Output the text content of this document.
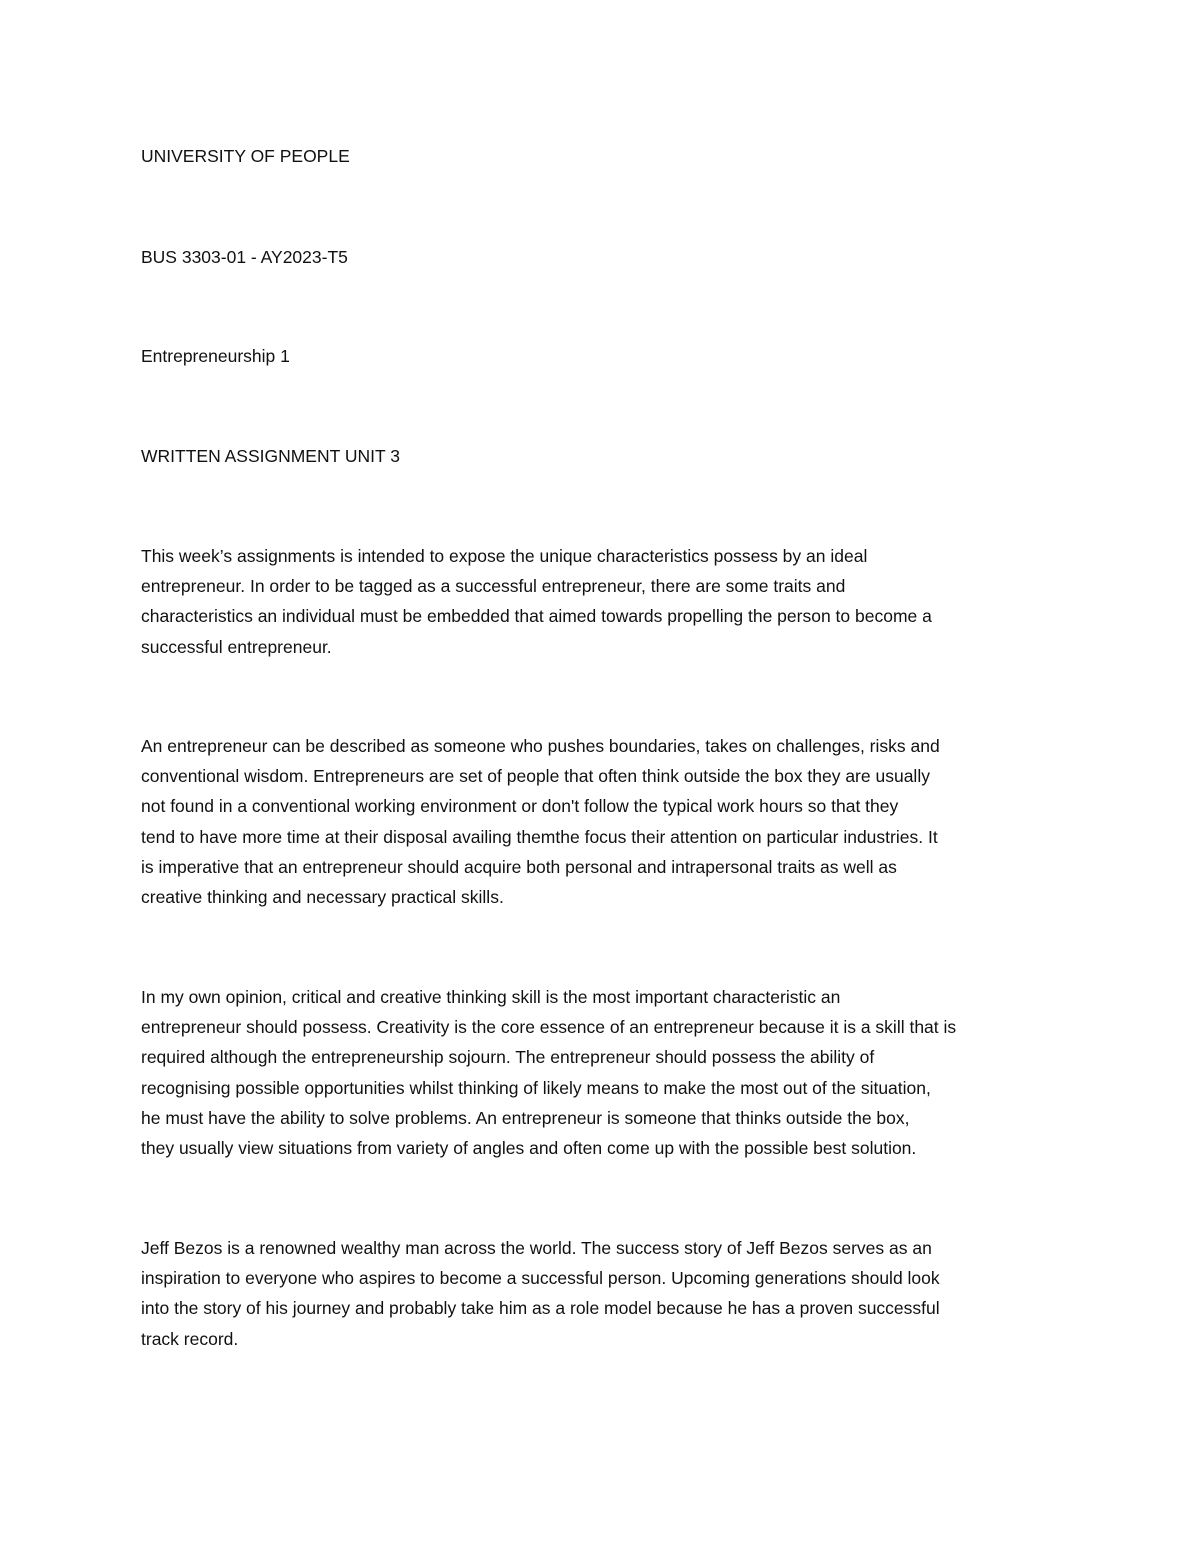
UNIVERSITY OF PEOPLE

BUS 3303-01 - AY2023-T5

Entrepreneurship 1

WRITTEN ASSIGNMENT UNIT 3

This week’s assignments is intended to expose the unique characteristics possess by an ideal
entrepreneur. In order to be tagged as a successful entrepreneur, there are some traits and
characteristics an individual must be embedded that aimed towards propelling the person to become a
successful entrepreneur.
An entrepreneur can be described as someone who pushes boundaries, takes on challenges, risks and
conventional wisdom. Entrepreneurs are set of people that often think outside the box they are usually
not found in a conventional working environment or don't follow the typical work hours so that they
tend to have more time at their disposal availing themthe focus their attention on particular industries. It
is imperative that an entrepreneur should acquire both personal and intrapersonal traits as well as
creative thinking and necessary practical skills.
In my own opinion, critical and creative thinking skill is the most important characteristic an
entrepreneur should possess. Creativity is the core essence of an entrepreneur because it is a skill that is
required although the entrepreneurship sojourn. The entrepreneur should possess the ability of
recognising possible opportunities whilst thinking of likely means to make the most out of the situation,
he must have the ability to solve problems. An entrepreneur is someone that thinks outside the box,
they usually view situations from variety of angles and often come up with the possible best solution.
Jeff Bezos is a renowned wealthy man across the world. The success story of Jeff Bezos serves as an
inspiration to everyone who aspires to become a successful person. Upcoming generations should look
into the story of his journey and probably take him as a role model because he has a proven successful
track record.
